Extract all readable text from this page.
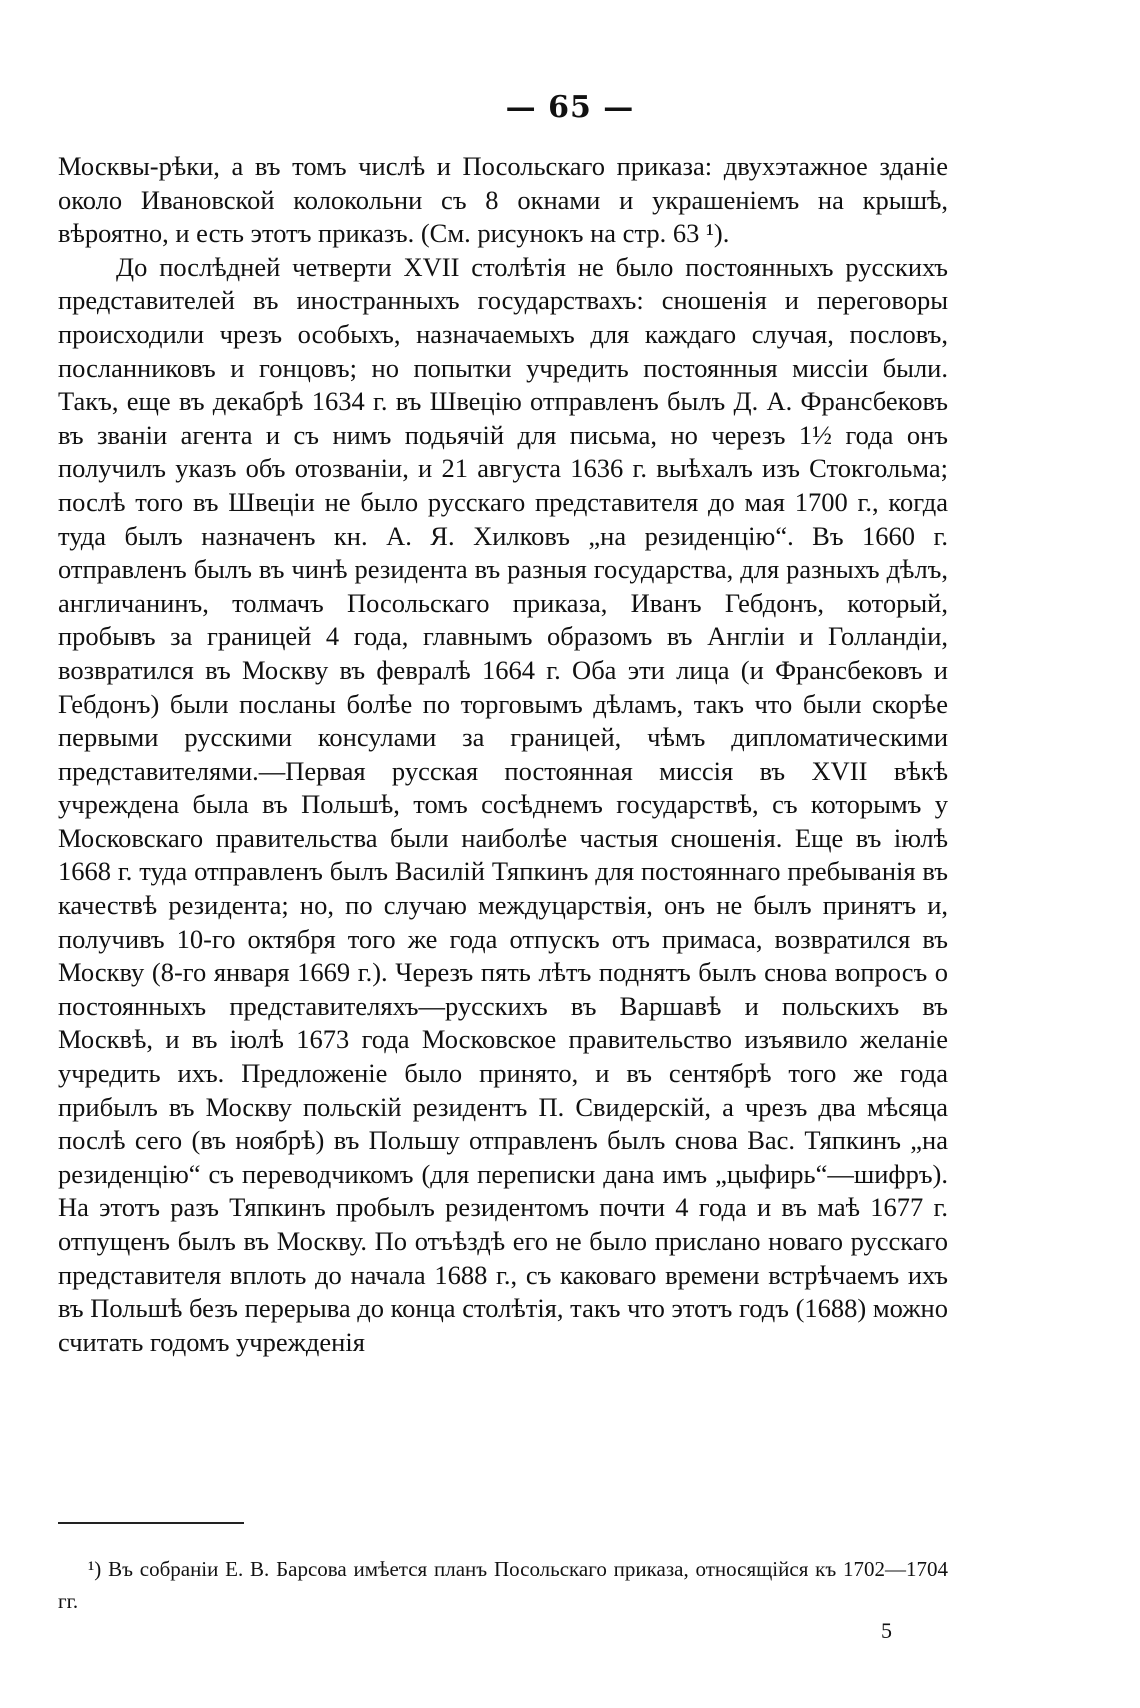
— 65 —

Москвы-рѣки, а въ томъ числѣ и Посольскаго приказа: двухэтажное зданіе около Ивановской колокольни съ 8 окнами и украшеніемъ на крышѣ, вѣроятно, и есть этотъ приказъ. (См. рисунокъ на стр. 63 ¹).

До послѣдней четверти XVII столѣтія не было постоянныхъ русскихъ представителей въ иностранныхъ государствахъ: сношенія и переговоры происходили чрезъ особыхъ, назначаемыхъ для каждаго случая, пословъ, посланниковъ и гонцовъ; но попытки учредить постоянныя миссіи были. Такъ, еще въ декабрѣ 1634 г. въ Швецію отправленъ былъ Д. А. Франсбековъ въ званіи агента и съ нимъ подьячій для письма, но черезъ 1½ года онъ получилъ указъ объ отозваніи, и 21 августа 1636 г. выѣхалъ изъ Стокгольма; послѣ того въ Швеціи не было русскаго представителя до мая 1700 г., когда туда былъ назначенъ кн. А. Я. Хилковъ „на резиденцію“. Въ 1660 г. отправленъ былъ въ чинѣ резидента въ разныя государства, для разныхъ дѣлъ, англичанинъ, толмачъ Посольскаго приказа, Иванъ Гебдонъ, который, пробывъ за границей 4 года, главнымъ образомъ въ Англіи и Голландіи, возвратился въ Москву въ февралѣ 1664 г. Оба эти лица (и Франсбековъ и Гебдонъ) были посланы болѣе по торговымъ дѣламъ, такъ что были скорѣе первыми русскими консулами за границей, чѣмъ дипломатическими представителями.—Первая русская постоянная миссія въ XVII вѣкѣ учреждена была въ Польшѣ, томъ сосѣднемъ государствѣ, съ которымъ у Московскаго правительства были наиболѣе частыя сношенія. Еще въ іюлѣ 1668 г. туда отправленъ былъ Василій Тяпкинъ для постояннаго пребыванія въ качествѣ резидента; но, по случаю междуцарствія, онъ не былъ принятъ и, получивъ 10-го октября того же года отпускъ отъ примаса, возвратился въ Москву (8-го января 1669 г.). Черезъ пять лѣтъ поднятъ былъ снова вопросъ о постоянныхъ представителяхъ—русскихъ въ Варшавѣ и польскихъ въ Москвѣ, и въ іюлѣ 1673 года Московское правительство изъявило желаніе учредить ихъ. Предложеніе было принято, и въ сентябрѣ того же года прибылъ въ Москву польскій резидентъ П. Свидерскій, а чрезъ два мѣсяца послѣ сего (въ ноябрѣ) въ Польшу отправленъ былъ снова Вас. Тяпкинъ „на резиденцію“ съ переводчикомъ (для переписки дана имъ „цыфирь“—шифръ). На этотъ разъ Тяпкинъ пробылъ резидентомъ почти 4 года и въ маѣ 1677 г. отпущенъ былъ въ Москву. По отъѣздѣ его не было прислано новаго русскаго представителя вплоть до начала 1688 г., съ каковаго времени встрѣчаемъ ихъ въ Польшѣ безъ перерыва до конца столѣтія, такъ что этотъ годъ (1688) можно считать годомъ учрежденія

¹) Въ собраніи Е. В. Барсова имѣется планъ Посольскаго приказа, относящійся къ 1702—1704 гг.
5
